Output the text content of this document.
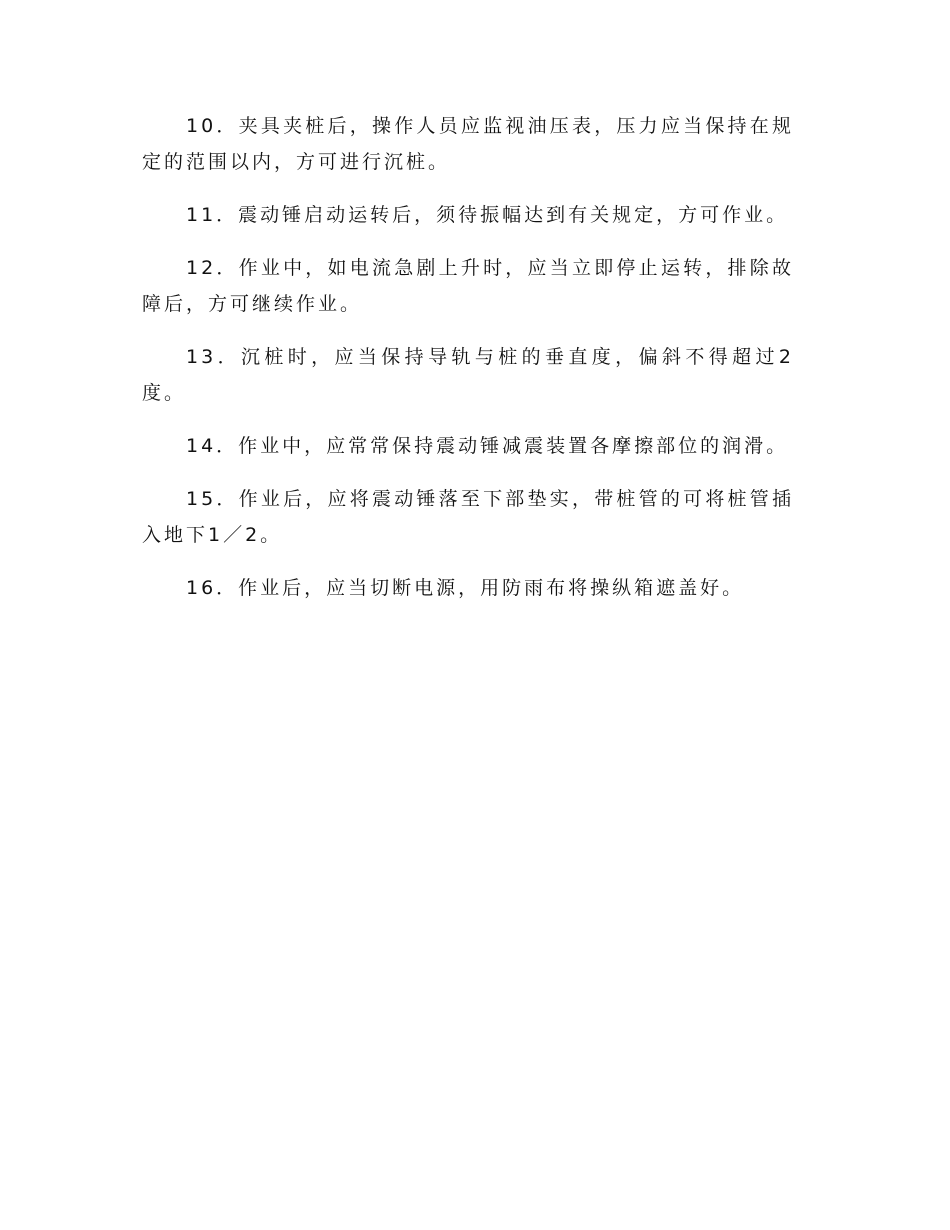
10．夹具夹桩后，操作人员应监视油压表，压力应当保持在规定的范围以内，方可进行沉桩。

11．震动锤启动运转后，须待振幅达到有关规定，方可作业。

12．作业中，如电流急剧上升时，应当立即停止运转，排除故障后，方可继续作业。

13．沉桩时，应当保持导轨与桩的垂直度，偏斜不得超过2度。

14．作业中，应常常保持震动锤减震装置各摩擦部位的润滑。

15．作业后，应将震动锤落至下部垫实，带桩管的可将桩管插入地下1／2。

16．作业后，应当切断电源，用防雨布将操纵箱遮盖好。
